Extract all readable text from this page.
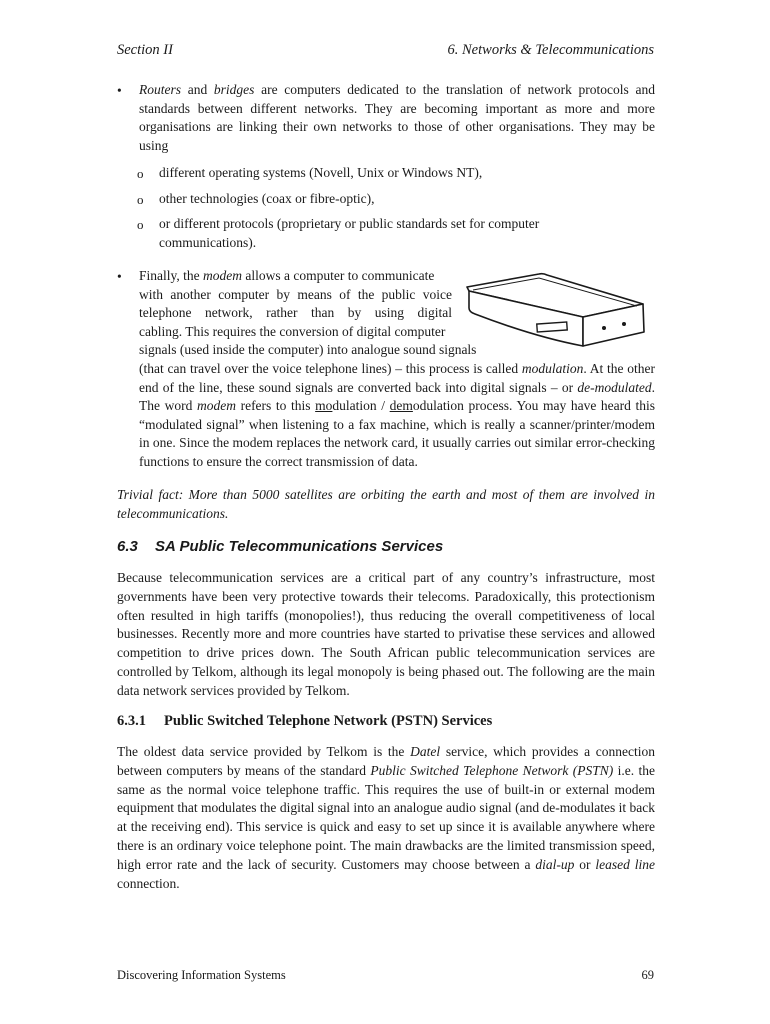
Section II	6. Networks & Telecommunications
• Routers and bridges are computers dedicated to the translation of network protocols and standards between different networks. They are becoming important as more and more organisations are linking their own networks to those of other organisations. They may be using
o different operating systems (Novell, Unix or Windows NT),
o other technologies (coax or fibre-optic),
o or different protocols (proprietary or public standards set for computer communications).
• Finally, the modem allows a computer to communicate
with another computer by means of the public voice
telephone network, rather than by using digital
cabling. This requires the conversion of digital computer
signals (used inside the computer) into analogue sound signals
(that can travel over the voice telephone lines) – this process is called modulation. At the other end of the line, these sound signals are converted back into digital signals – or de-modulated. The word modem refers to this modulation / demodulation process. You may have heard this “modulated signal” when listening to a fax machine, which is really a scanner/printer/modem in one. Since the modem replaces the network card, it usually carries out similar error-checking functions to ensure the correct transmission of data.
Trivial fact: More than 5000 satellites are orbiting the earth and most of them are involved in telecommunications.
6.3 SA Public Telecommunications Services
Because telecommunication services are a critical part of any country’s infrastructure, most governments have been very protective towards their telecoms. Paradoxically, this protectionism often resulted in high tariffs (monopolies!), thus reducing the overall competitiveness of local businesses. Recently more and more countries have started to privatise these services and allowed competition to drive prices down. The South African public telecommunication services are controlled by Telkom, although its legal monopoly is being phased out. The following are the main data network services provided by Telkom.
6.3.1 Public Switched Telephone Network (PSTN) Services
The oldest data service provided by Telkom is the Datel service, which provides a connection between computers by means of the standard Public Switched Telephone Network (PSTN) i.e. the same as the normal voice telephone traffic. This requires the use of built-in or external modem equipment that modulates the digital signal into an analogue audio signal (and de-modulates it back at the receiving end). This service is quick and easy to set up since it is available anywhere where there is an ordinary voice telephone point. The main drawbacks are the limited transmission speed, high error rate and the lack of security. Customers may choose between a dial-up or leased line connection.
Discovering Information Systems	69
